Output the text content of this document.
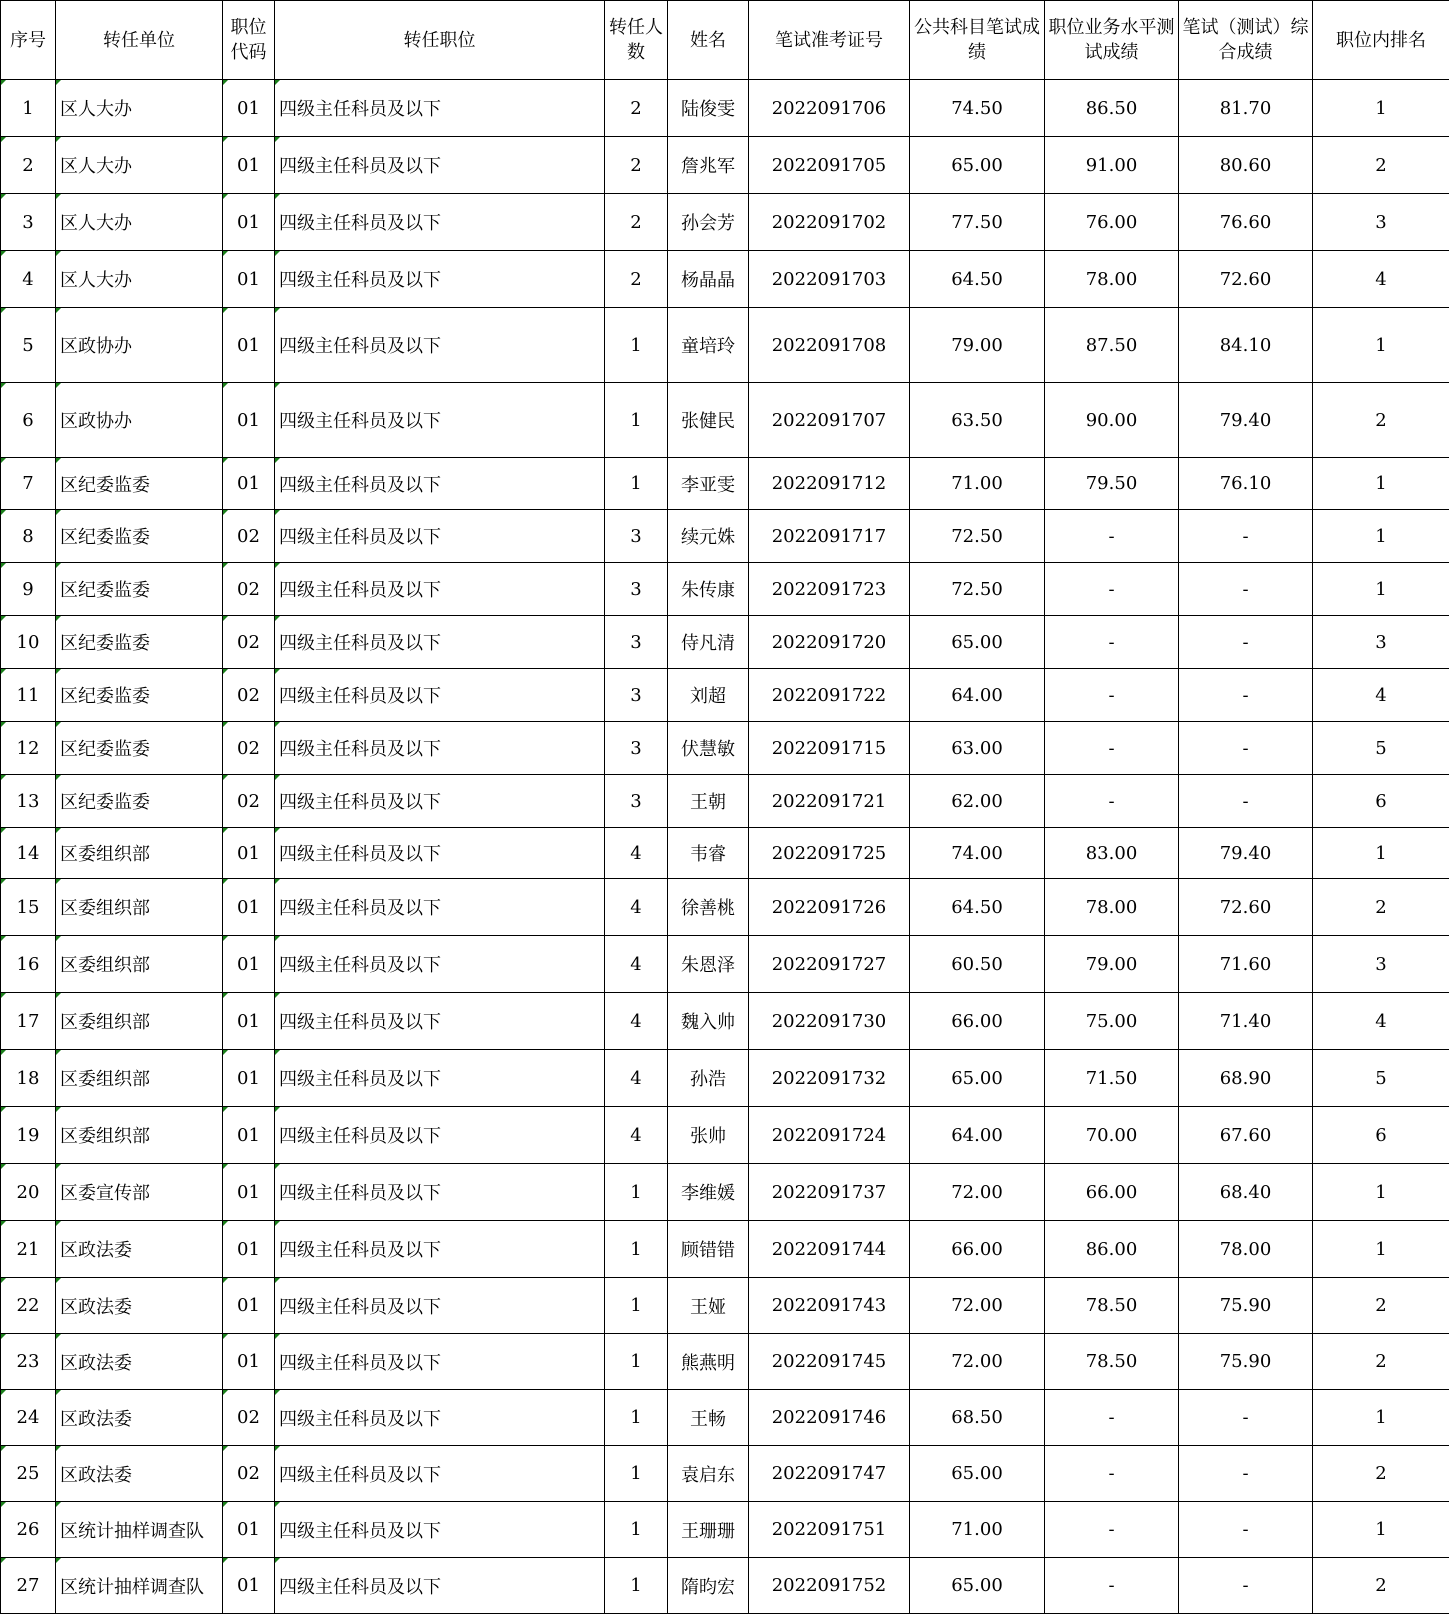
序号	转任单位	职位代码	转任职位	转任人数	姓名	笔试准考证号	公共科目笔试成绩	职位业务水平测试成绩	笔试（测试）综合成绩	职位内排名
1	区人大办	01	四级主任科员及以下	2	陆俊雯	2022091706	74.50	86.50	81.70	1
2	区人大办	01	四级主任科员及以下	2	詹兆军	2022091705	65.00	91.00	80.60	2
3	区人大办	01	四级主任科员及以下	2	孙会芳	2022091702	77.50	76.00	76.60	3
4	区人大办	01	四级主任科员及以下	2	杨晶晶	2022091703	64.50	78.00	72.60	4
5	区政协办	01	四级主任科员及以下	1	童培玲	2022091708	79.00	87.50	84.10	1
6	区政协办	01	四级主任科员及以下	1	张健民	2022091707	63.50	90.00	79.40	2
7	区纪委监委	01	四级主任科员及以下	1	李亚雯	2022091712	71.00	79.50	76.10	1
8	区纪委监委	02	四级主任科员及以下	3	续元姝	2022091717	72.50	-	-	1
9	区纪委监委	02	四级主任科员及以下	3	朱传康	2022091723	72.50	-	-	1
10	区纪委监委	02	四级主任科员及以下	3	侍凡清	2022091720	65.00	-	-	3
11	区纪委监委	02	四级主任科员及以下	3	刘超	2022091722	64.00	-	-	4
12	区纪委监委	02	四级主任科员及以下	3	伏慧敏	2022091715	63.00	-	-	5
13	区纪委监委	02	四级主任科员及以下	3	王朝	2022091721	62.00	-	-	6
14	区委组织部	01	四级主任科员及以下	4	韦睿	2022091725	74.00	83.00	79.40	1
15	区委组织部	01	四级主任科员及以下	4	徐善桃	2022091726	64.50	78.00	72.60	2
16	区委组织部	01	四级主任科员及以下	4	朱恩泽	2022091727	60.50	79.00	71.60	3
17	区委组织部	01	四级主任科员及以下	4	魏入帅	2022091730	66.00	75.00	71.40	4
18	区委组织部	01	四级主任科员及以下	4	孙浩	2022091732	65.00	71.50	68.90	5
19	区委组织部	01	四级主任科员及以下	4	张帅	2022091724	64.00	70.00	67.60	6
20	区委宣传部	01	四级主任科员及以下	1	李维媛	2022091737	72.00	66.00	68.40	1
21	区政法委	01	四级主任科员及以下	1	顾错错	2022091744	66.00	86.00	78.00	1
22	区政法委	01	四级主任科员及以下	1	王娅	2022091743	72.00	78.50	75.90	2
23	区政法委	01	四级主任科员及以下	1	熊燕明	2022091745	72.00	78.50	75.90	2
24	区政法委	02	四级主任科员及以下	1	王畅	2022091746	68.50	-	-	1
25	区政法委	02	四级主任科员及以下	1	袁启东	2022091747	65.00	-	-	2
26	区统计抽样调查队	01	四级主任科员及以下	1	王珊珊	2022091751	71.00	-	-	1
27	区统计抽样调查队	01	四级主任科员及以下	1	隋昀宏	2022091752	65.00	-	-	2
